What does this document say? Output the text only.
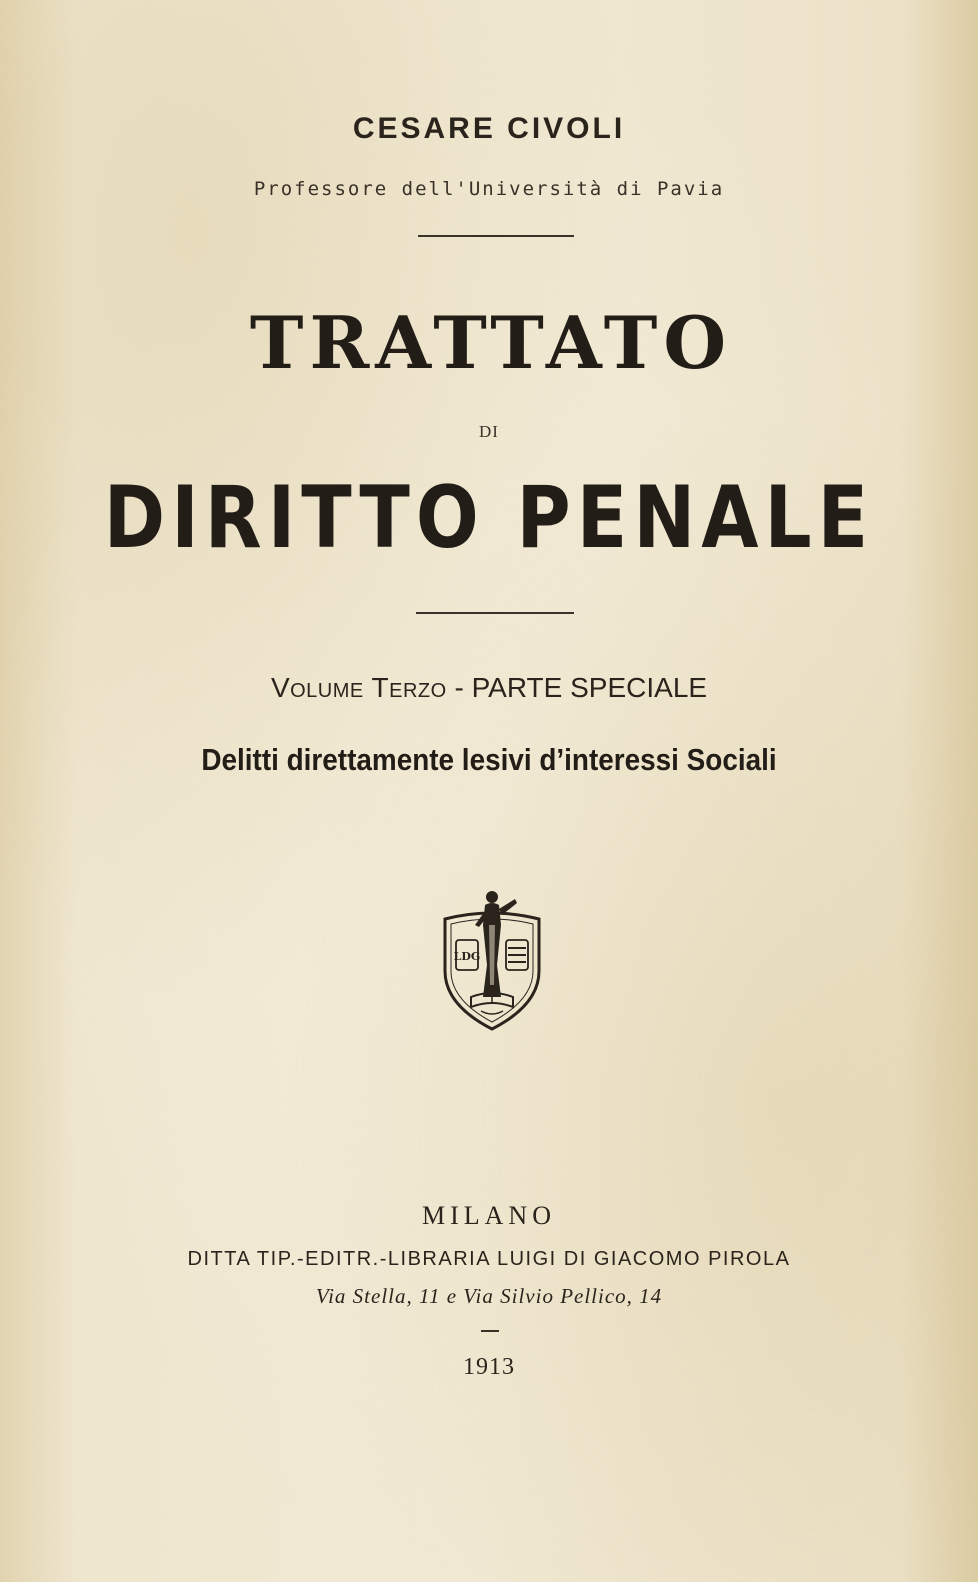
CESARE CIVOLI
Professore dell'Università di Pavia
TRATTATO
DI
DIRITTO PENALE
Volume Terzo - PARTE SPECIALE
Delitti direttamente lesivi d’interessi Sociali
LDG
MILANO
DITTA TIP.-EDITR.-LIBRARIA LUIGI DI GIACOMO PIROLA
Via Stella, 11 e Via Silvio Pellico, 14
1913
